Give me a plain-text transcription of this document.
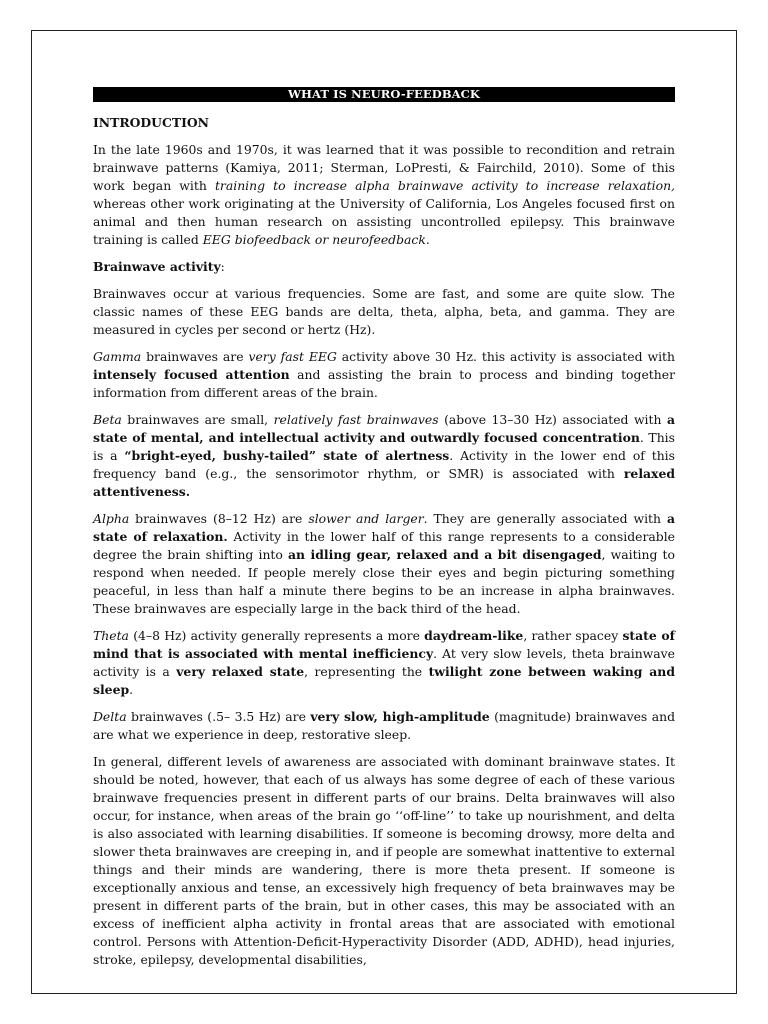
WHAT IS NEURO-FEEDBACK
INTRODUCTION

In the late 1960s and 1970s, it was learned that it was possible to recondition and retrain brainwave patterns (Kamiya, 2011; Sterman, LoPresti, & Fairchild, 2010). Some of this work began with training to increase alpha brainwave activity to increase relaxation, whereas other work originating at the University of California, Los Angeles focused first on animal and then human research on assisting uncontrolled epilepsy. This brainwave training is called EEG biofeedback or neurofeedback.

Brainwave activity:

Brainwaves occur at various frequencies. Some are fast, and some are quite slow. The classic names of these EEG bands are delta, theta, alpha, beta, and gamma. They are measured in cycles per second or hertz (Hz).

Gamma brainwaves are very fast EEG activity above 30 Hz. this activity is associated with intensely focused attention and assisting the brain to process and binding together information from different areas of the brain.

Beta brainwaves are small, relatively fast brainwaves (above 13–30 Hz) associated with a state of mental, and intellectual activity and outwardly focused concentration. This is a “bright-eyed, bushy-tailed” state of alertness. Activity in the lower end of this frequency band (e.g., the sensorimotor rhythm, or SMR) is associated with relaxed attentiveness.

Alpha brainwaves (8–12 Hz) are slower and larger. They are generally associated with a state of relaxation. Activity in the lower half of this range represents to a considerable degree the brain shifting into an idling gear, relaxed and a bit disengaged, waiting to respond when needed. If people merely close their eyes and begin picturing something peaceful, in less than half a minute there begins to be an increase in alpha brainwaves. These brainwaves are especially large in the back third of the head.

Theta (4–8 Hz) activity generally represents a more daydream-like, rather spacey state of mind that is associated with mental inefficiency. At very slow levels, theta brainwave activity is a very relaxed state, representing the twilight zone between waking and sleep.

Delta brainwaves (.5– 3.5 Hz) are very slow, high-amplitude (magnitude) brainwaves and are what we experience in deep, restorative sleep.

In general, different levels of awareness are associated with dominant brainwave states. It should be noted, however, that each of us always has some degree of each of these various brainwave frequencies present in different parts of our brains. Delta brainwaves will also occur, for instance, when areas of the brain go ‘‘off-line’’ to take up nourishment, and delta is also associated with learning disabilities. If someone is becoming drowsy, more delta and slower theta brainwaves are creeping in, and if people are somewhat inattentive to external things and their minds are wandering, there is more theta present. If someone is exceptionally anxious and tense, an excessively high frequency of beta brainwaves may be present in different parts of the brain, but in other cases, this may be associated with an excess of inefficient alpha activity in frontal areas that are associated with emotional control. Persons with Attention-Deficit-Hyperactivity Disorder (ADD, ADHD), head injuries, stroke, epilepsy, developmental disabilities,
